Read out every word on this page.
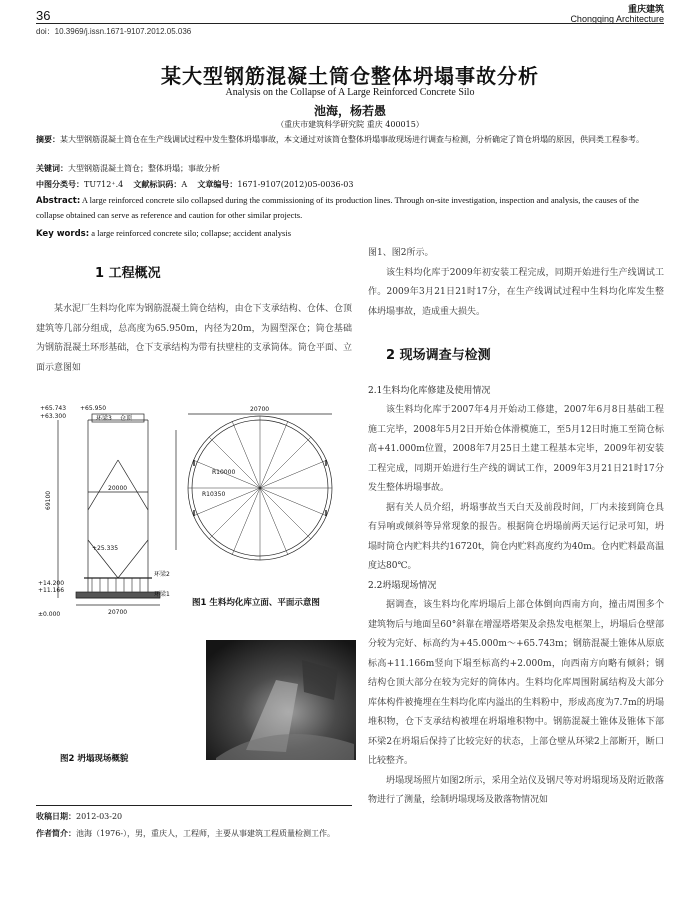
36	重庆建筑
Chongqing Architecture
doi：10.3969/j.issn.1671-9107.2012.05.036
某大型钢筋混凝土筒仓整体坍塌事故分析
Analysis on the Collapse of A Large Reinforced Concrete Silo
池海，杨若愚
（重庆市建筑科学研究院 重庆 400015）
摘要：某大型钢筋混凝土筒仓在生产线调试过程中发生整体坍塌事故，本文通过对该筒仓整体坍塌事故现场进行调查与检测，分析确定了筒仓坍塌的原因，供同类工程参考。
关键词：大型钢筋混凝土筒仓；整体坍塌；事故分析
中图分类号：TU712⁺.4 文献标识码：A 文章编号：1671-9107(2012)05-0036-03
Abstract: A large reinforced concrete silo collapsed during the commissioning of its production lines. Through on-site investigation, inspection and analysis, the causes of the collapse obtained can serve as reference and caution for other similar projects.
Key words: a large reinforced concrete silo; collapse; accident analysis
1 工程概况

某水泥厂生料均化库为钢筋混凝土筒仓结构，由仓下支承结构、仓体、仓顶建筑等几部分组成，总高度为65.950m，内径为20m，为圆型深仓；筒仓基础为钢筋混凝土环形基础，仓下支承结构为带有扶壁柱的支承筒体。筒仓平面、立面示意图如

+65.743 +65.950
+63.300	环梁3 仓顶
20000
69100
+25.335
+14.200
+11.166
±0.000
环梁2
环梁1
20700
20700
R10000
R10350
图1 生料均化库立面、平面示意图
图2 坍塌现场概貌
收稿日期：2012-03-20
作者简介：池海（1976-），男，重庆人，工程师，主要从事建筑工程质量检测工作。
图1、图2所示。

该生料均化库于2009年初安装工程完成，同期开始进行生产线调试工作。2009年3月21日21时17分，在生产线调试过程中生料均化库发生整体坍塌事故，造成重大损失。

2 现场调查与检测
2.1生料均化库修建及使用情况

该生料均化库于2007年4月开始动工修建，2007年6月8日基础工程施工完毕，2008年5月2日开始仓体滑模施工，至5月12日时施工至筒仓标高+41.000m位置，2008年7月25日土建工程基本完毕，2009年初安装工程完成，同期开始进行生产线的调试工作，2009年3月21日21时17分发生整体坍塌事故。

据有关人员介绍，坍塌事故当天白天及前段时间，厂内未接到筒仓具有异响或倾斜等异常现象的报告。根据筒仓坍塌前两天运行记录可知，坍塌时筒仓内贮料共约16720t，筒仓内贮料高度约为40m。仓内贮料最高温度达80℃。

2.2坍塌现场情况

据调查，该生料均化库坍塌后上部仓体倒向西南方向，撞击周围多个建筑物后与地面呈60°斜靠在增湿塔塔架及余热发电框架上，坍塌后仓壁部分较为完好、标高约为+45.000m～+65.743m；钢筋混凝土锥体从原底标高+11.166m竖向下塌至标高约+2.000m，向西南方向略有倾斜；钢结构仓顶大部分在较为完好的筒体内。生料均化库周围附属结构及大部分库体构件被掩埋在生料均化库内溢出的生料粉中，形成高度为7.7m的坍塌堆积物，仓下支承结构被埋在坍塌堆积物中。钢筋混凝土锥体及锥体下部环梁2在坍塌后保持了比较完好的状态，上部仓壁从环梁2上部断开，断口比较整齐。

坍塌现场照片如图2所示，采用全站仪及钢尺等对坍塌现场及附近散落物进行了测量，绘制坍塌现场及散落物情况如
